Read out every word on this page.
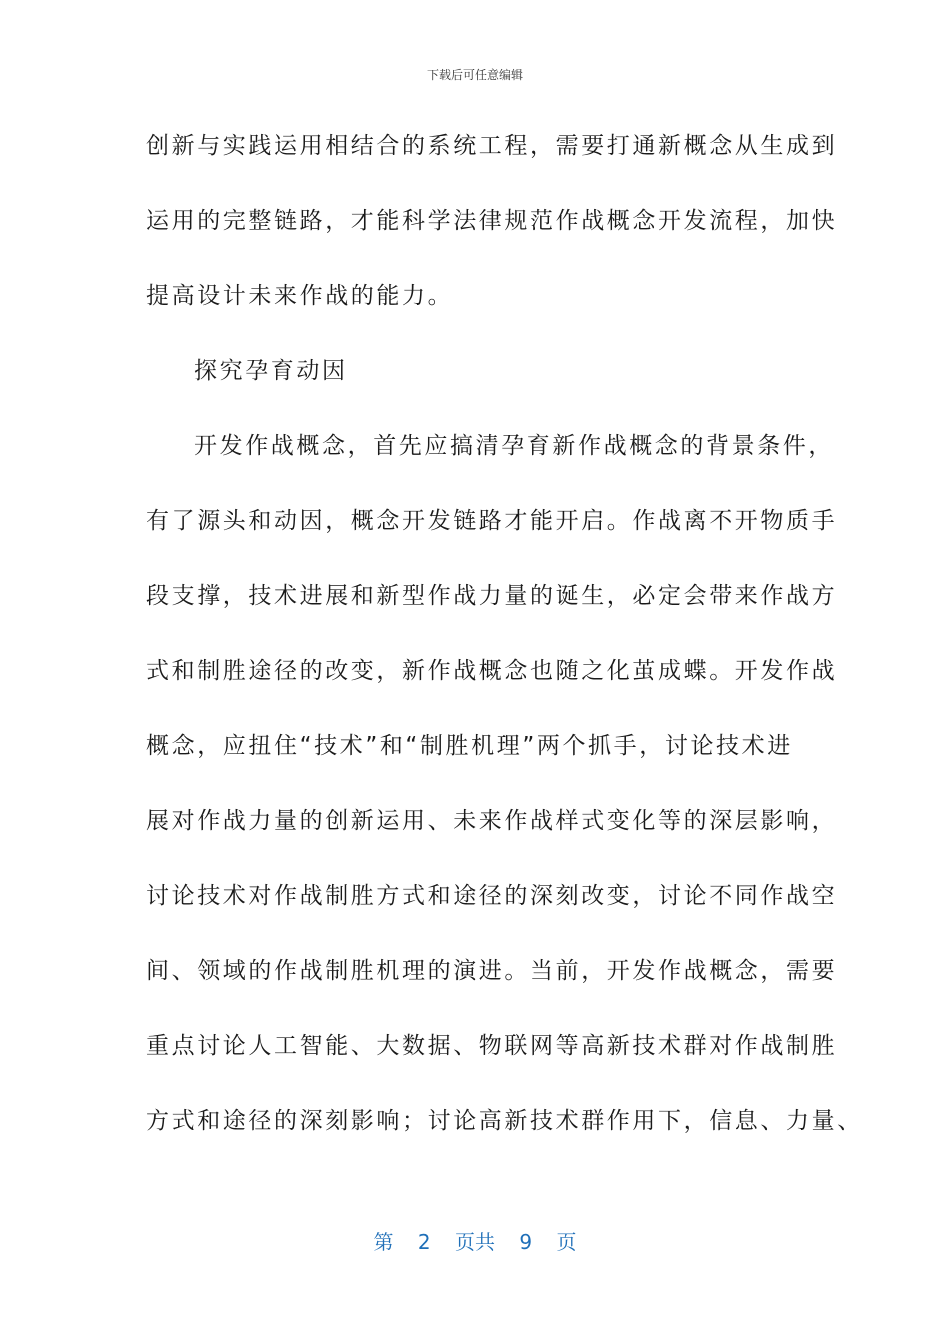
下载后可任意编辑
创新与实践运用相结合的系统工程，需要打通新概念从生成到
运用的完整链路，才能科学法律规范作战概念开发流程，加快
提高设计未来作战的能力。
探究孕育动因
开发作战概念，首先应搞清孕育新作战概念的背景条件，
有了源头和动因，概念开发链路才能开启。作战离不开物质手
段支撑，技术进展和新型作战力量的诞生，必定会带来作战方
式和制胜途径的改变，新作战概念也随之化茧成蝶。开发作战
概念，应扭住“技术”和“制胜机理”两个抓手，讨论技术进
展对作战力量的创新运用、未来作战样式变化等的深层影响，
讨论技术对作战制胜方式和途径的深刻改变，讨论不同作战空
间、领域的作战制胜机理的演进。当前，开发作战概念，需要
重点讨论人工智能、大数据、物联网等高新技术群对作战制胜
方式和途径的深刻影响；讨论高新技术群作用下，信息、力量、
第 2 页共 9 页
